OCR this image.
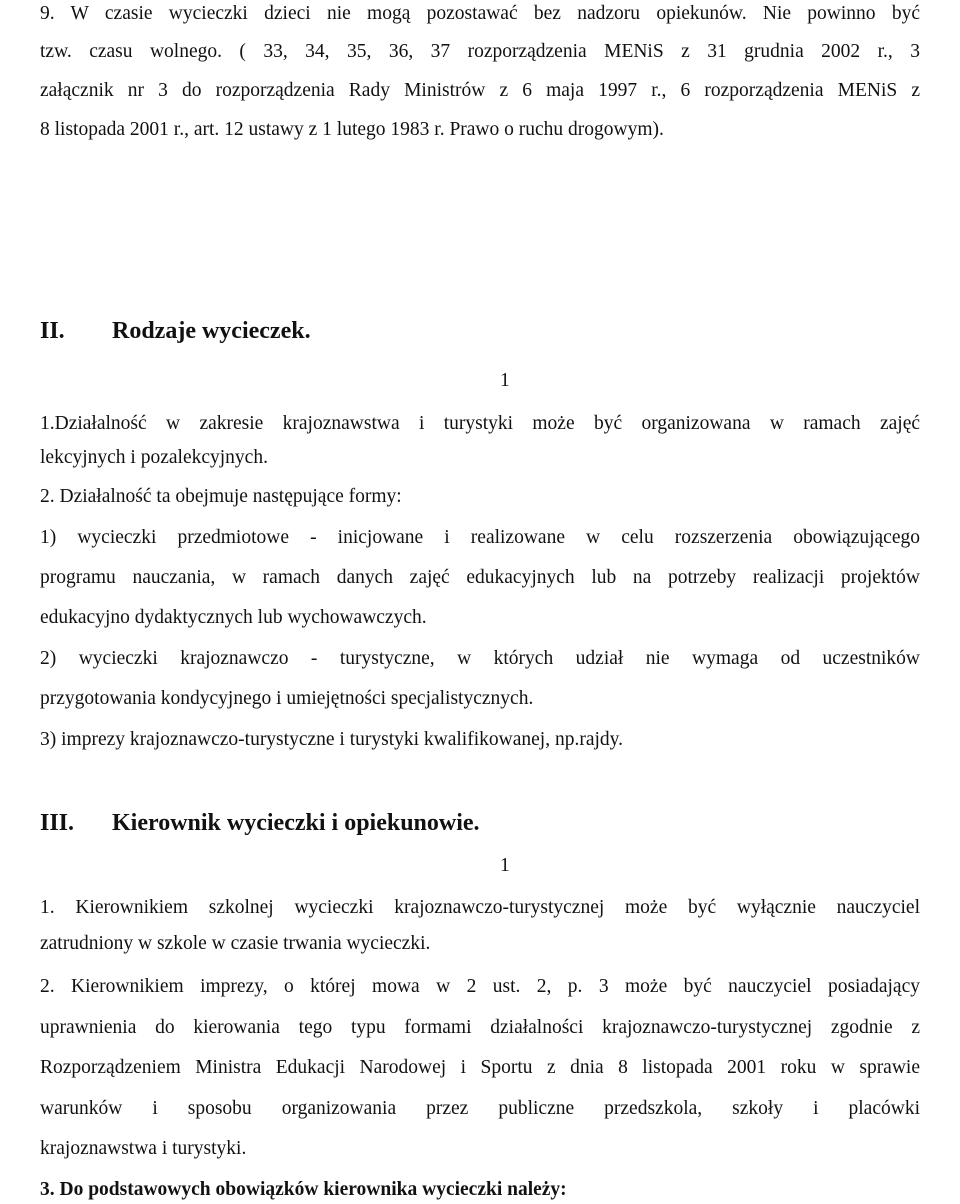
9. W czasie wycieczki dzieci nie mogą pozostawać bez nadzoru opiekunów. Nie powinno być
tzw. czasu wolnego. ( 33, 34, 35, 36, 37 rozporządzenia MENiS z 31 grudnia 2002 r., 3
załącznik nr 3 do rozporządzenia Rady Ministrów z 6 maja 1997 r., 6 rozporządzenia MENiS z
8 listopada 2001 r., art. 12 ustawy z 1 lutego 1983 r. Prawo o ruchu drogowym).
II. Rodzaje wycieczek.
1
1.Działalność w zakresie krajoznawstwa i turystyki może być organizowana w ramach zajęć
lekcyjnych i pozalekcyjnych.
2. Działalność ta obejmuje następujące formy:
1) wycieczki przedmiotowe - inicjowane i realizowane w celu rozszerzenia obowiązującego
programu nauczania, w ramach danych zajęć edukacyjnych lub na potrzeby realizacji projektów
edukacyjno dydaktycznych lub wychowawczych.
2) wycieczki krajoznawczo - turystyczne, w których udział nie wymaga od uczestników
przygotowania kondycyjnego i umiejętności specjalistycznych.
3) imprezy krajoznawczo-turystyczne i turystyki kwalifikowanej, np.rajdy.
III. Kierownik wycieczki i opiekunowie.
1
1. Kierownikiem szkolnej wycieczki krajoznawczo-turystycznej może być wyłącznie nauczyciel
zatrudniony w szkole w czasie trwania wycieczki.
2. Kierownikiem imprezy, o której mowa w 2 ust. 2, p. 3 może być nauczyciel posiadający
uprawnienia do kierowania tego typu formami działalności krajoznawczo-turystycznej zgodnie z
Rozporządzeniem Ministra Edukacji Narodowej i Sportu z dnia 8 listopada 2001 roku w sprawie
warunków i sposobu organizowania przez publiczne przedszkola, szkoły i placówki
krajoznawstwa i turystyki.
3. Do podstawowych obowiązków kierownika wycieczki należy:
